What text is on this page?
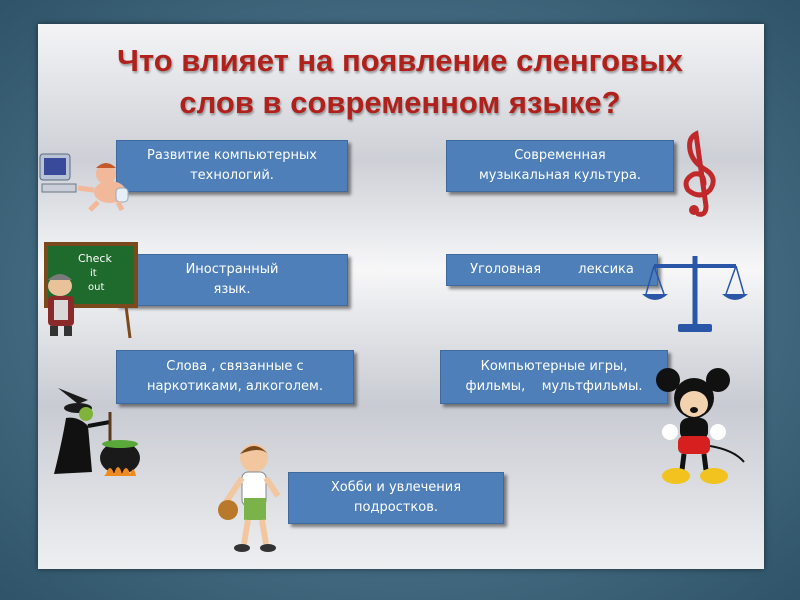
Что влияет на появление сленговых
слов в современном языке?
Развитие компьютерных
технологий.
Современная
музыкальная культура.
Иностранный
язык.
Уголовная         лексика
Слова , связанные с
наркотиками, алкоголем.
Компьютерные игры,
фильмы,    мультфильмы.
Хобби и увлечения
подростков.
Check
it
out
